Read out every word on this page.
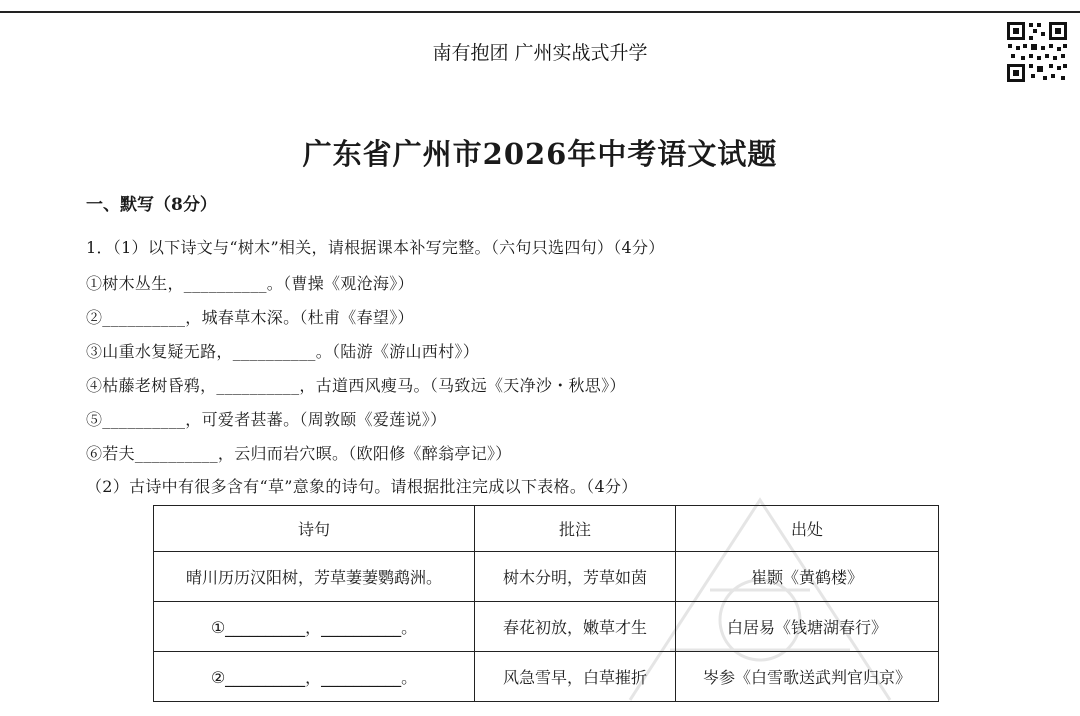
南有抱团 广州实战式升学
广东省广州市2026年中考语文试题
一、默写（8分）
1．（1）以下诗文与“树木”相关，请根据课本补写完整。（六句只选四句）（4分）
①树木丛生，__________。（曹操《观沧海》）
②__________，城春草木深。（杜甫《春望》）
③山重水复疑无路，__________。（陆游《游山西村》）
④枯藤老树昏鸦，__________，古道西风瘦马。（马致远《天净沙・秋思》）
⑤__________，可爱者甚蕃。（周敦颐《爱莲说》）
⑥若夫__________，云归而岩穴暝。（欧阳修《醉翁亭记》）
（2）古诗中有很多含有“草”意象的诗句。请根据批注完成以下表格。（4分）
诗句	批注	出处
晴川历历汉阳树，芳草萋萋鹦鹉洲。	树木分明，芳草如茵	崔颢《黄鹤楼》
①__________，__________。	春花初放，嫩草才生	白居易《钱塘湖春行》
②__________，__________。	风急雪早，白草摧折	岑参《白雪歌送武判官归京》
